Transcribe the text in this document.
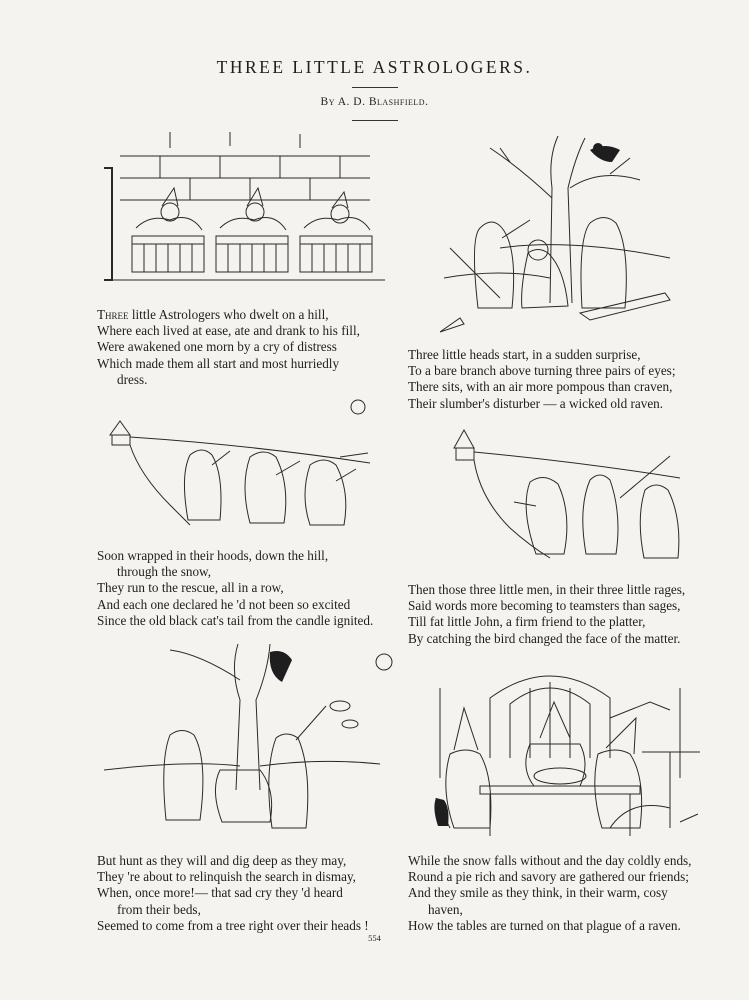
THREE LITTLE ASTROLOGERS.
By A. D. Blashfield.
Three little Astrologers who dwelt on a hill,
Where each lived at ease, ate and drank to his fill,
Were awakened one morn by a cry of distress
Which made them all start and most hurriedly
dress.
Three little heads start, in a sudden surprise,
To a bare branch above turning three pairs of eyes;
There sits, with an air more pompous than craven,
Their slumber's disturber — a wicked old raven.
Soon wrapped in their hoods, down the hill,
through the snow,
They run to the rescue, all in a row,
And each one declared he 'd not been so excited
Since the old black cat's tail from the candle ignited.
Then those three little men, in their three little rages,
Said words more becoming to teamsters than sages,
Till fat little John, a firm friend to the platter,
By catching the bird changed the face of the matter.
But hunt as they will and dig deep as they may,
They 're about to relinquish the search in dismay,
When, once more!— that sad cry they 'd heard
from their beds,
Seemed to come from a tree right over their heads !
While the snow falls without and the day coldly ends,
Round a pie rich and savory are gathered our friends;
And they smile as they think, in their warm, cosy
haven,
How the tables are turned on that plague of a raven.
554
